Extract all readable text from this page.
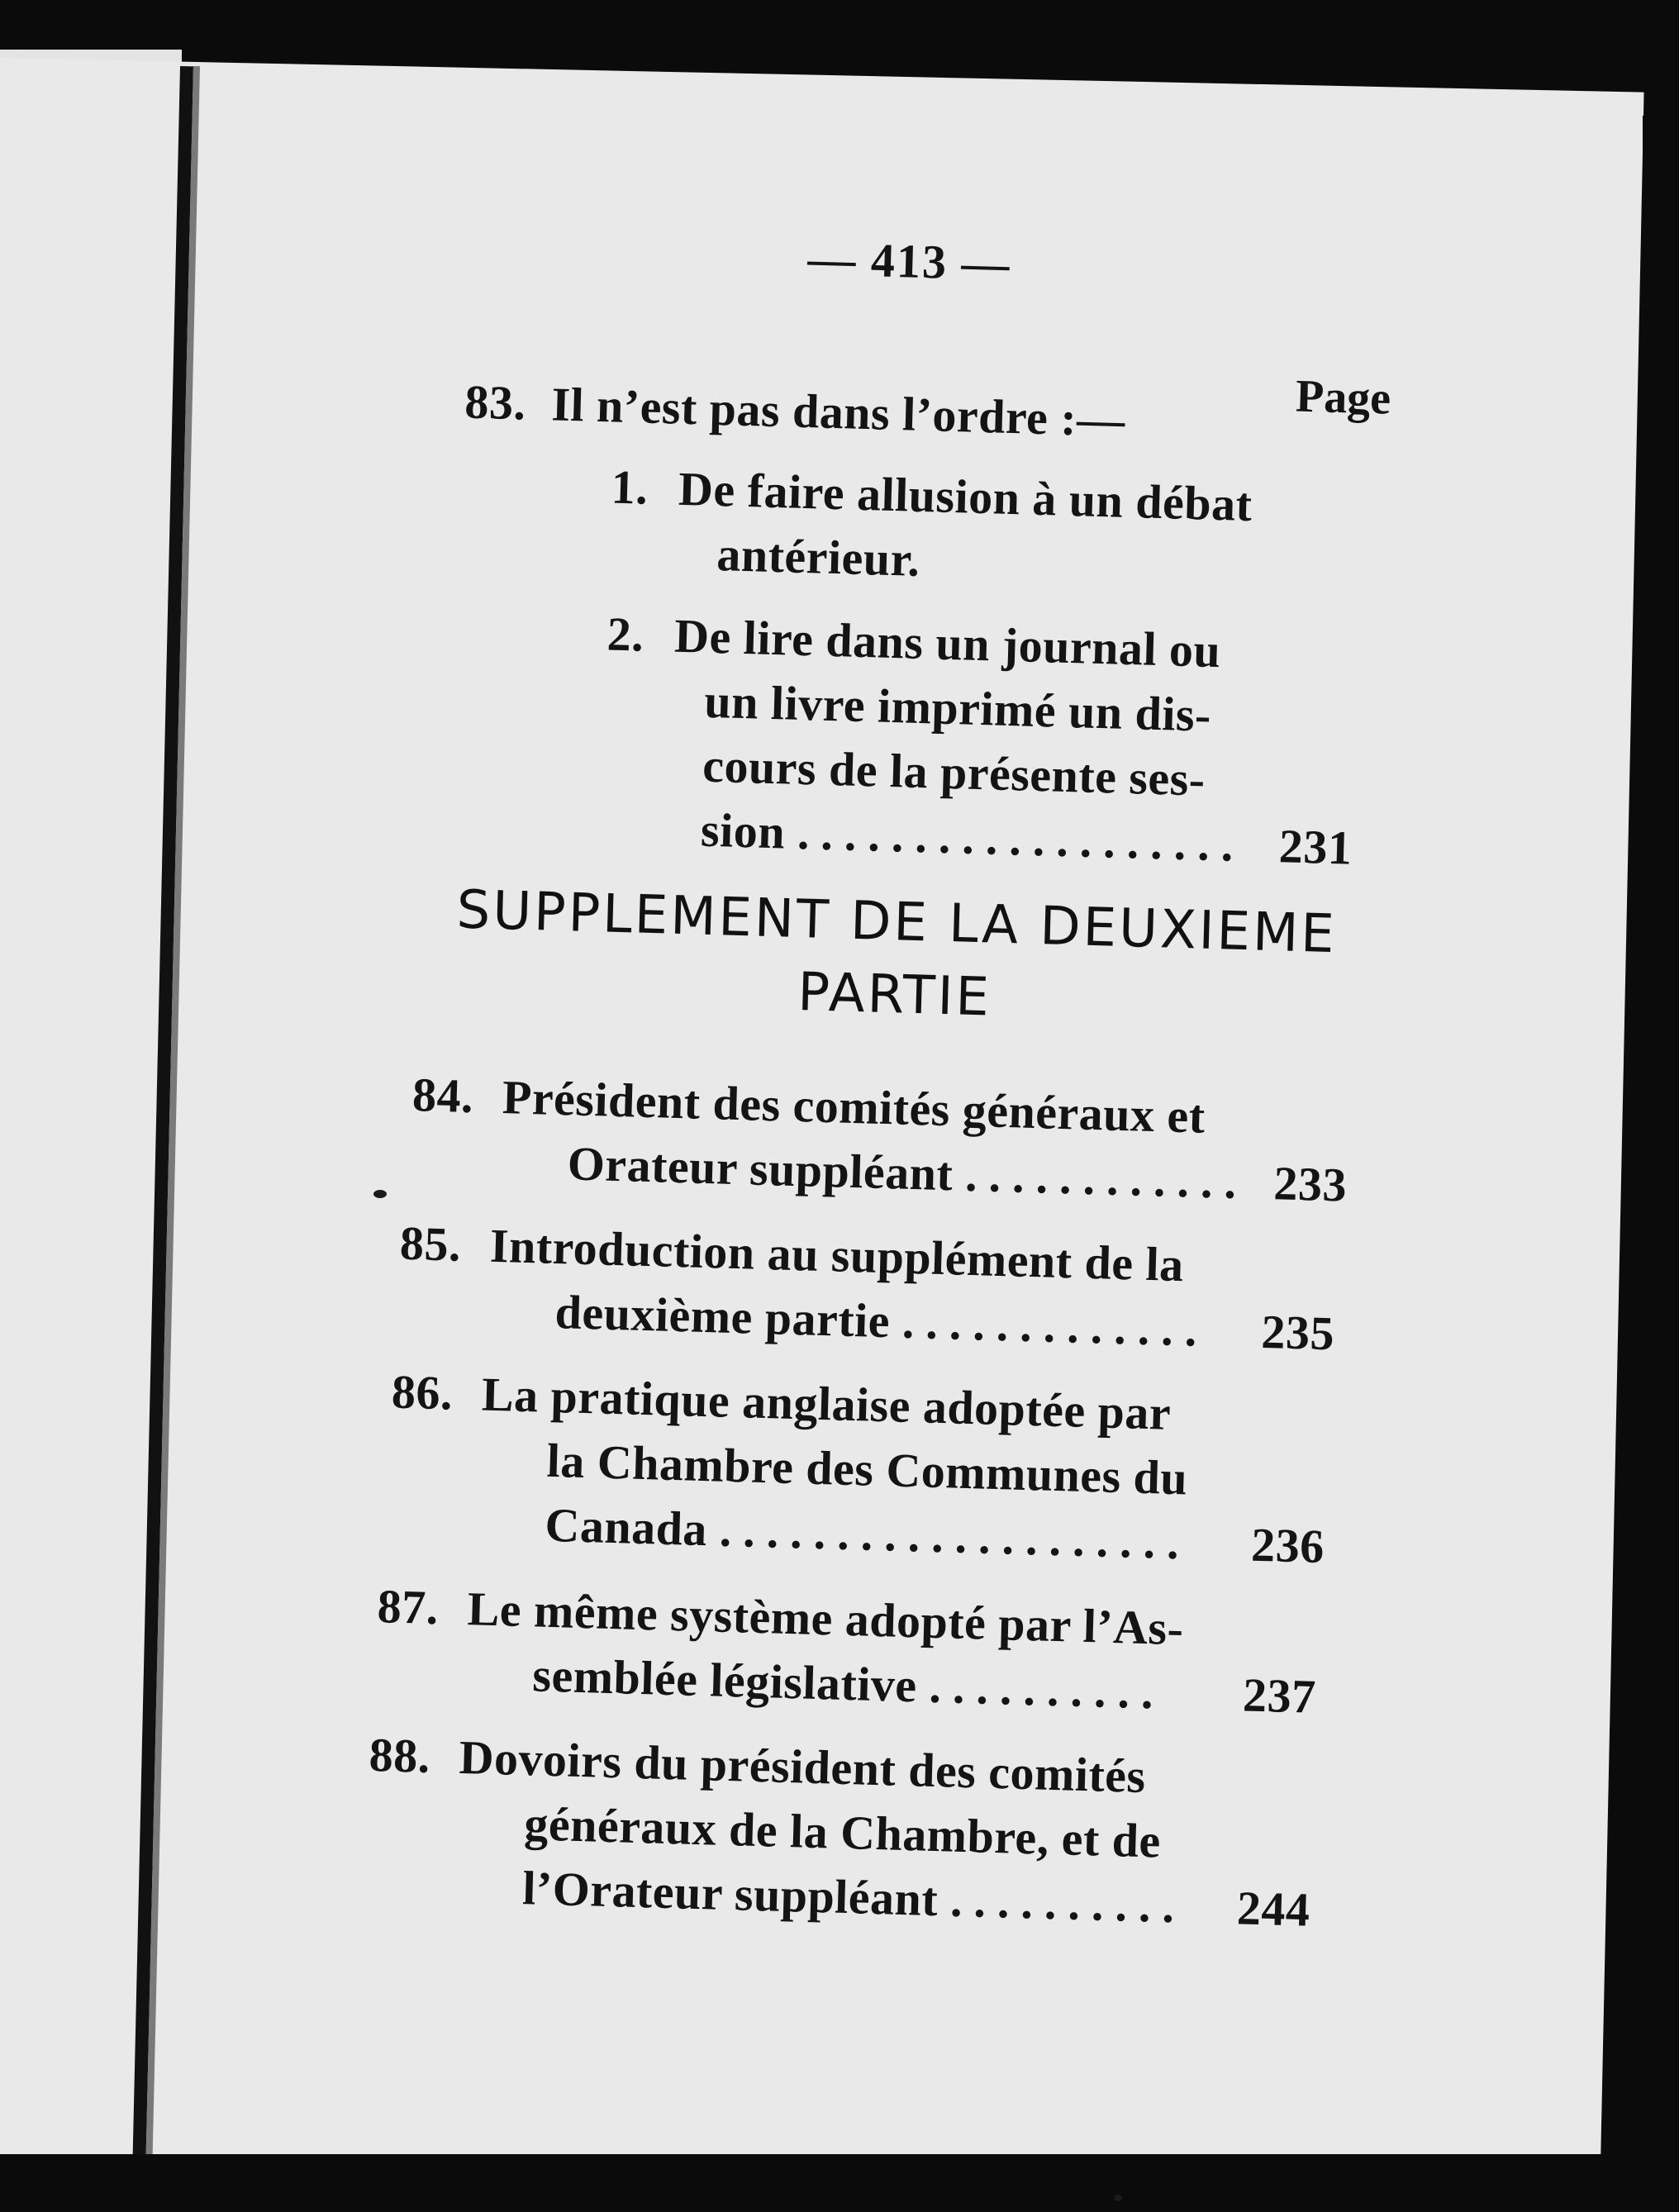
— 413 —
Page
83. Il n’est pas dans l’ordre :—
1. De faire allusion à un débat
antérieur.
2. De lire dans un journal ou
un livre imprimé un dis-
cours de la présente ses-
sion ................... 231
SUPPLEMENT DE LA DEUXIEME
PARTIE
84. Président des comités généraux et
Orateur suppléant ............ 233
85. Introduction au supplément de la
deuxième partie ............. 235
86. La pratique anglaise adoptée par
la Chambre des Communes du
Canada .................... 236
87. Le même système adopté par l’As-
semblée législative .......... 237
88. Dovoirs du président des comités
généraux de la Chambre, et de
l’Orateur suppléant .......... 244
